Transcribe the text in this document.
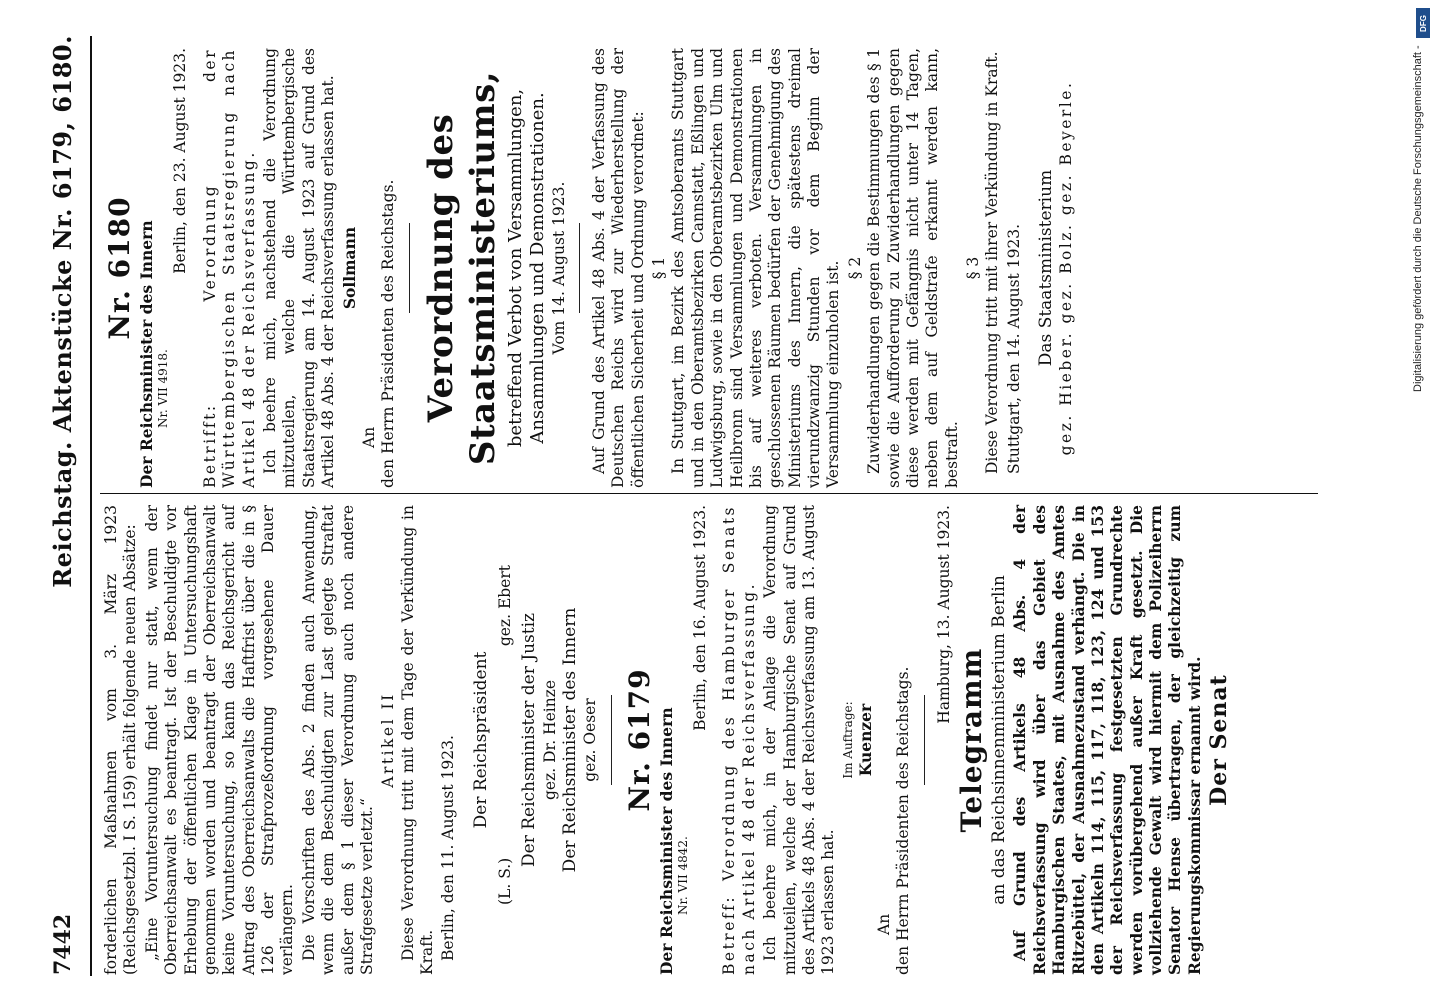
7442
Reichstag. Aktenstücke Nr. 6179, 6180.

forderlichen Maßnahmen vom 3. März 1923 (Reichsgesetzbl. I S. 159) erhält folgende neuen Absätze: „Eine Voruntersuchung findet nur statt, wenn der Oberreichsanwalt es beantragt. Ist der Beschuldigte vor Erhebung der öffentlichen Klage in Untersuchungshaft genommen worden und beantragt der Oberreichsanwalt keine Voruntersuchung, so kann das Reichsgericht auf Antrag des Oberreichsanwalts die Haftfrist über die in § 126 der Strafprozeßordnung vorgesehene Dauer verlängern. Die Vorschriften des Abs. 2 finden auch Anwendung, wenn die dem Beschuldigten zur Last gelegte Straftat außer dem § 1 dieser Verordnung auch noch andere Strafgesetze verletzt.“

Artikel II Diese Verordnung tritt mit dem Tage der Verkündung in Kraft. Berlin, den 11. August 1923. Der Reichspräsident
(L. S.)
gez. Ebert
Der Reichsminister der Justiz gez. Dr. Heinze Der Reichsminister des Innern gez. Oeser Nr. 6179 Der Reichsminister des Innern Nr. VII 4842.
Berlin, den 16. August 1923. Betreff: Verordnung des Hamburger Senats nach Artikel 48 der Reichsverfassung. Ich beehre mich, in der Anlage die Verordnung mitzuteilen, welche der Hamburgische Senat auf Grund des Artikels 48 Abs. 4 der Reichsverfassung am 13. August 1923 erlassen hat.

Im Auftrage: Kuenzer
An den Herrn Präsidenten des Reichstags.
Hamburg, 13. August 1923.
Telegramm an das Reichsinnenministerium Berlin Auf Grund des Artikels 48 Abs. 4 der Reichsverfassung wird über das Gebiet des Hamburgischen Staates, mit Ausnahme des Amtes Ritzebüttel, der Ausnahmezustand verhängt. Die in den Artikeln 114, 115, 117, 118, 123, 124 und 153 der Reichsverfassung festgesetzten Grundrechte werden vorübergehend außer Kraft gesetzt. Die vollziehende Gewalt wird hiermit dem Polizeiherrn Senator Hense übertragen, der gleichzeitig zum Regierungskommissar ernannt wird. Der Senat
Nr. 6180 Der Reichsminister des Innern Nr. VII 4918.
Berlin, den 23. August 1923. Betrifft: Verordnung der Württembergischen Staatsregierung nach Artikel 48 der Reichsverfassung. Ich beehre mich, nachstehend die Verordnung mitzuteilen, welche die Württembergische Staatsregierung am 14. August 1923 auf Grund des Artikel 48 Abs. 4 der Reichsverfassung erlassen hat. Sollmann
An den Herrn Präsidenten des Reichstags. Verordnung des Staatsministeriums, betreffend Verbot von Versammlungen, Ansammlungen und Demonstrationen. Vom 14. August 1923. Auf Grund des Artikel 48 Abs. 4 der Verfassung des Deutschen Reichs wird zur Wiederherstellung der öffentlichen Sicherheit und Ordnung verordnet: § 1 In Stuttgart, im Bezirk des Amtsoberamts Stuttgart und in den Oberamtsbezirken Cannstatt, Eßlingen und Ludwigsburg, sowie in den Oberamtsbezirken Ulm und Heilbronn sind Versammlungen und Demonstrationen bis auf weiteres verboten. Versammlungen in geschlossenen Räumen bedürfen der Genehmigung des Ministeriums des Innern, die spätestens dreimal vierundzwanzig Stunden vor dem Beginn der Versammlung einzuholen ist. § 2 Zuwiderhandlungen gegen die Bestimmungen des § 1 sowie die Aufforderung zu Zuwiderhandlungen gegen diese werden mit Gefängnis nicht unter 14 Tagen, neben dem auf Geldstrafe erkannt werden kann, bestraft.

§ 3 Diese Verordnung tritt mit ihrer Verkündung in Kraft. Stuttgart, den 14. August 1923. Das Staatsministerium gez. Hieber. gez. Bolz. gez. Beyerle.	Digitalisierung gefördert durch die Deutsche Forschungsgemeinschaft -
DFG
